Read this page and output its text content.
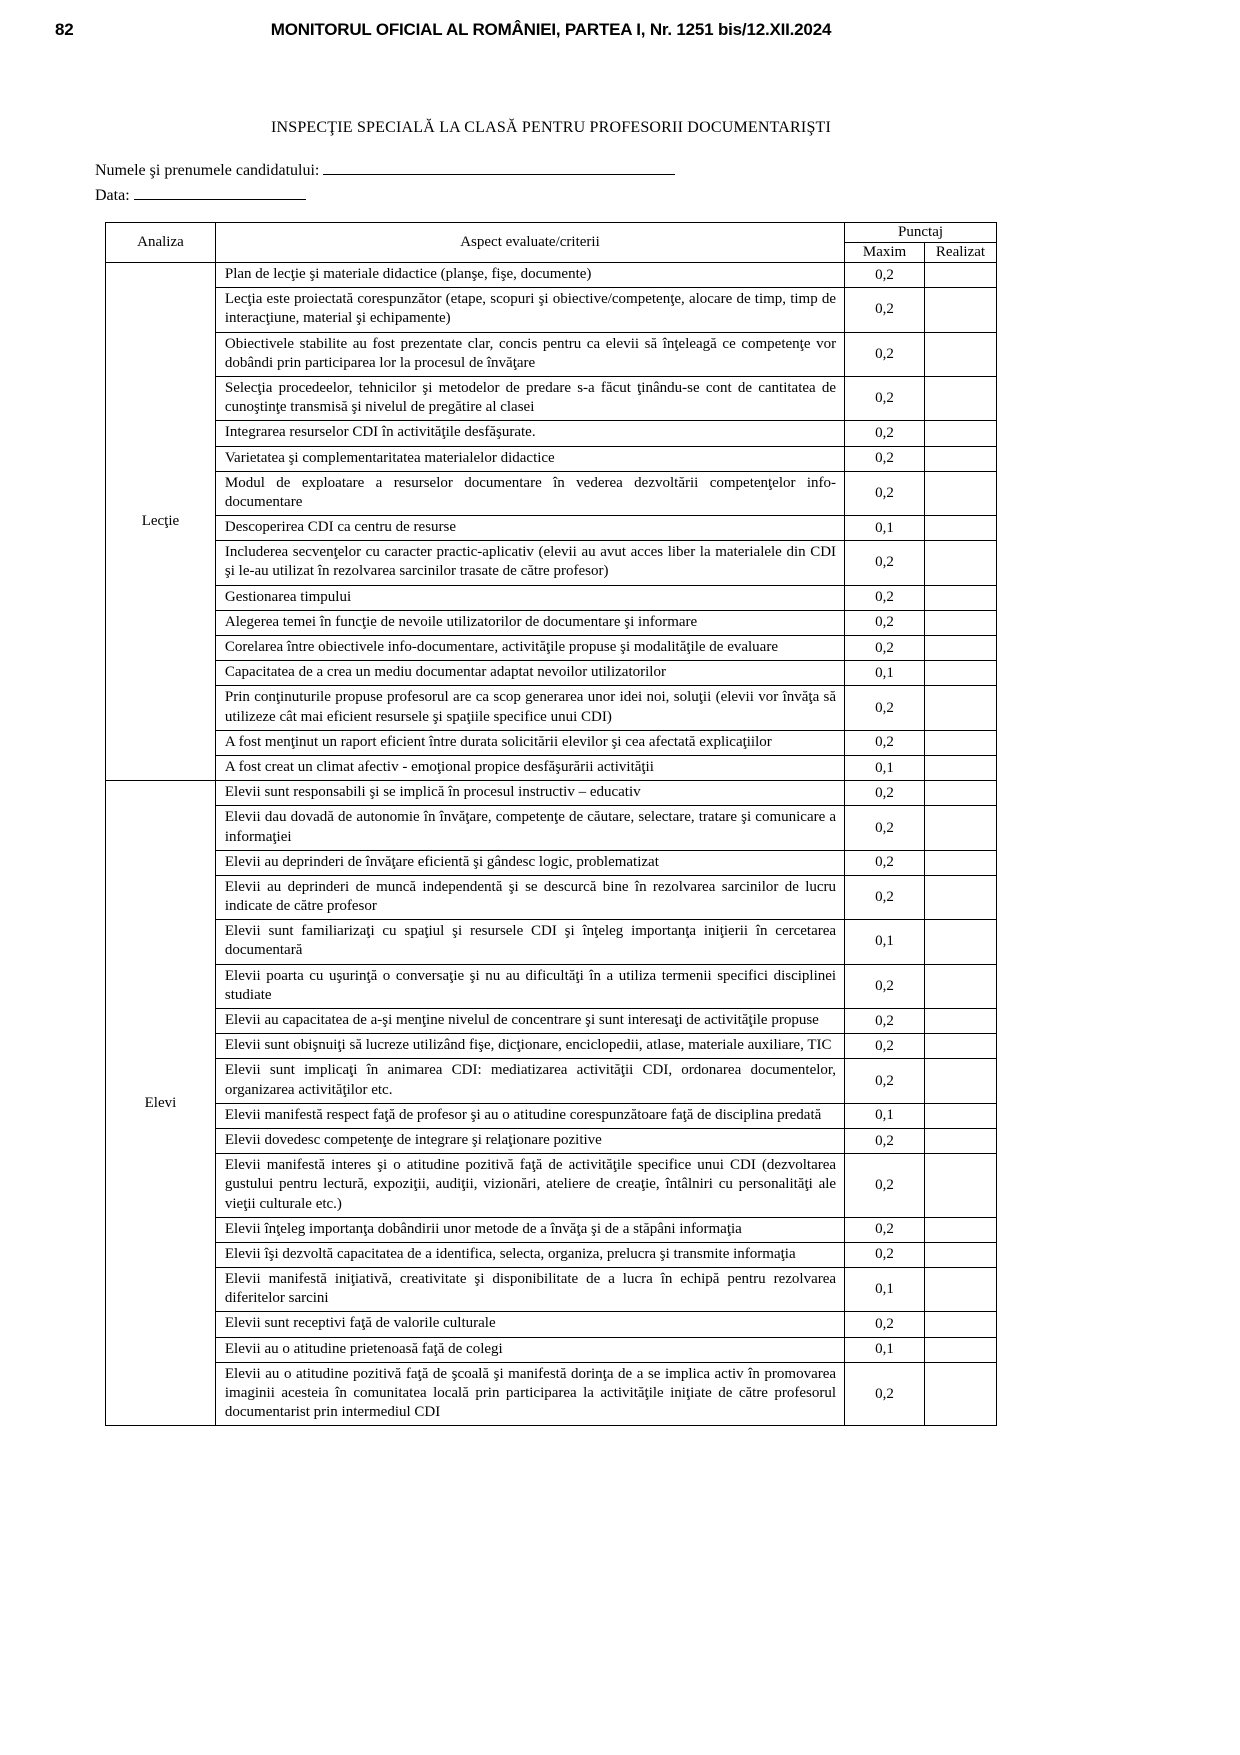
82	MONITORUL OFICIAL AL ROMÂNIEI, PARTEA I, Nr. 1251 bis/12.XII.2024
INSPECŢIE SPECIALĂ LA CLASĂ PENTRU PROFESORII DOCUMENTARIŞTI
Numele şi prenumele candidatului:
Data:
Analiza	Aspect evaluate/criterii	Punctaj	
		Maxim	Realizat
Lecţie	Plan de lecţie şi materiale didactice (planşe, fişe, documente)	0,2	
	Lecţia este proiectată corespunzător (etape, scopuri şi obiective/competenţe, alocare de timp, timp de interacţiune, material şi echipamente)	0,2	
	Obiectivele stabilite au fost prezentate clar, concis pentru ca elevii să înţeleagă ce competenţe vor dobândi prin participarea lor la procesul de învăţare	0,2	
	Selecţia procedeelor, tehnicilor şi metodelor de predare s-a făcut ţinându-se cont de cantitatea de cunoştinţe transmisă şi nivelul de pregătire al clasei	0,2	
	Integrarea resurselor CDI în activităţile desfăşurate.	0,2	
	Varietatea şi complementaritatea materialelor didactice	0,2	
	Modul de exploatare a resurselor documentare în vederea dezvoltării competenţelor info-documentare	0,2	
	Descoperirea CDI ca centru de resurse	0,1	
	Includerea secvenţelor cu caracter practic-aplicativ (elevii au avut acces liber la materialele din CDI şi le-au utilizat în rezolvarea sarcinilor trasate de către profesor)	0,2	
	Gestionarea timpului	0,2	
	Alegerea temei în funcţie de nevoile utilizatorilor de documentare şi informare	0,2	
	Corelarea între obiectivele info-documentare, activităţile propuse şi modalităţile de evaluare	0,2	
	Capacitatea de a crea un mediu documentar adaptat nevoilor utilizatorilor	0,1	
	Prin conţinuturile propuse profesorul are ca scop generarea unor idei noi, soluţii (elevii vor învăţa să utilizeze cât mai eficient resursele şi spaţiile specifice unui CDI)	0,2	
	A fost menţinut un raport eficient între durata solicitării elevilor şi cea afectată explicaţiilor	0,2	
	A fost creat un climat afectiv - emoţional propice desfăşurării activităţii	0,1	
Elevi	Elevii sunt responsabili şi se implică în procesul instructiv – educativ	0,2	
	Elevii dau dovadă de autonomie în învăţare, competenţe de căutare, selectare, tratare şi comunicare a informaţiei	0,2	
	Elevii au deprinderi de învăţare eficientă şi gândesc logic, problematizat	0,2	
	Elevii au deprinderi de muncă independentă şi se descurcă bine în rezolvarea sarcinilor de lucru indicate de către profesor	0,2	
	Elevii sunt familiarizaţi cu spaţiul şi resursele CDI şi înţeleg importanţa iniţierii în cercetarea documentară	0,1	
	Elevii poarta cu uşurinţă o conversaţie şi nu au dificultăţi în a utiliza termenii specifici disciplinei studiate	0,2	
	Elevii au capacitatea de a-şi menţine nivelul de concentrare şi sunt interesaţi de activităţile propuse	0,2	
	Elevii sunt obişnuiţi să lucreze utilizând fişe, dicţionare, enciclopedii, atlase, materiale auxiliare, TIC	0,2	
	Elevii sunt implicaţi în animarea CDI: mediatizarea activităţii CDI, ordonarea documentelor, organizarea activităţilor etc.	0,2	
	Elevii manifestă respect faţă de profesor şi au o atitudine corespunzătoare faţă de disciplina predată	0,1	
	Elevii dovedesc competenţe de integrare şi relaţionare pozitive	0,2	
	Elevii manifestă interes şi o atitudine pozitivă faţă de activităţile specifice unui CDI (dezvoltarea gustului pentru lectură, expoziţii, audiţii, vizionări, ateliere de creaţie, întâlniri cu personalităţi ale vieţii culturale etc.)	0,2	
	Elevii înţeleg importanţa dobândirii unor metode de a învăţa şi de a stăpâni informaţia	0,2	
	Elevii îşi dezvoltă capacitatea de a identifica, selecta, organiza, prelucra şi transmite informaţia	0,2	
	Elevii manifestă iniţiativă, creativitate şi disponibilitate de a lucra în echipă pentru rezolvarea diferitelor sarcini	0,1	
	Elevii sunt receptivi faţă de valorile culturale	0,2	
	Elevii au o atitudine prietenoasă faţă de colegi	0,1	
	Elevii au o atitudine pozitivă faţă de şcoală şi manifestă dorinţa de a se implica activ în promovarea imaginii acesteia în comunitatea locală prin participarea la activităţile iniţiate de către profesorul documentarist prin intermediul CDI	0,2	
